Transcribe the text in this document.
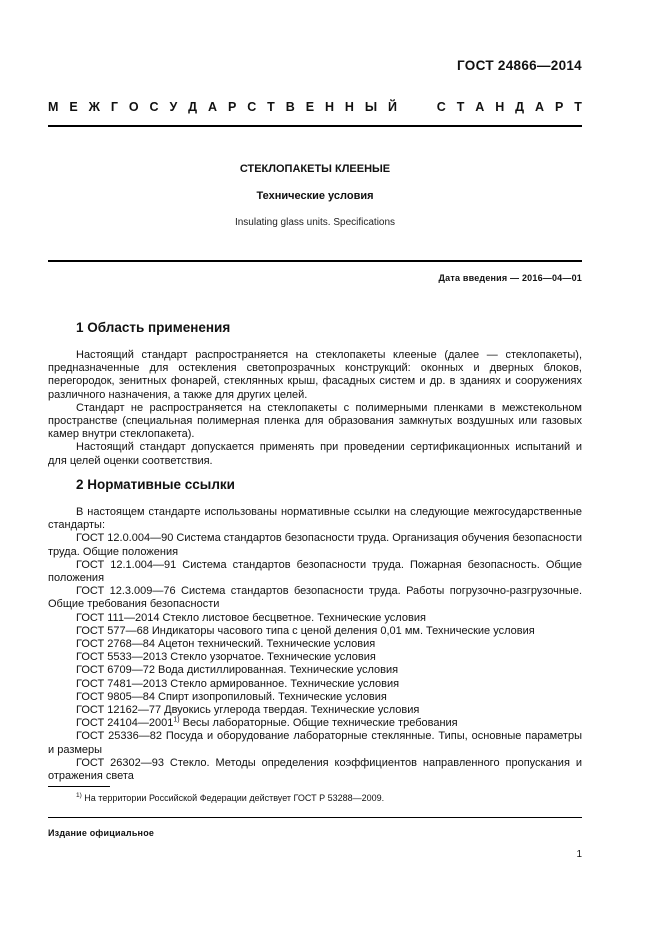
ГОСТ 24866—2014
М Е Ж Г О С У Д А Р С Т В Е Н Н Ы Й

	С Т А Н Д А Р Т
СТЕКЛОПАКЕТЫ КЛЕЕНЫЕ
Технические условия
Insulating glass units. Specifications
Дата введения — 2016—04—01
1 Область применения

Настоящий стандарт распространяется на стеклопакеты клееные (далее — стеклопакеты), предназначенные для остекления светопрозрачных конструкций: оконных и дверных блоков, перегородок, зенитных фонарей, стеклянных крыш, фасадных систем и др. в зданиях и сооружениях различного назначения, а также для других целей.

Стандарт не распространяется на стеклопакеты с полимерными пленками в межстекольном пространстве (специальная полимерная пленка для образования замкнутых воздушных или газовых камер внутри стеклопакета).

Настоящий стандарт допускается применять при проведении сертификационных испытаний и для целей оценки соответствия.

2 Нормативные ссылки

В настоящем стандарте использованы нормативные ссылки на следующие межгосударственные стандарты:

ГОСТ 12.0.004—90 Система стандартов безопасности труда. Организация обучения безопасности труда. Общие положения

ГОСТ 12.1.004—91 Система стандартов безопасности труда. Пожарная безопасность. Общие положения

ГОСТ 12.3.009—76 Система стандартов безопасности труда. Работы погрузочно-разгрузочные. Общие требования безопасности

ГОСТ 111—2014 Стекло листовое бесцветное. Технические условия

ГОСТ 577—68 Индикаторы часового типа с ценой деления 0,01 мм. Технические условия

ГОСТ 2768—84 Ацетон технический. Технические условия

ГОСТ 5533—2013 Стекло узорчатое. Технические условия

ГОСТ 6709—72 Вода дистиллированная. Технические условия

ГОСТ 7481—2013 Стекло армированное. Технические условия

ГОСТ 9805—84 Спирт изопропиловый. Технические условия

ГОСТ 12162—77 Двуокись углерода твердая. Технические условия

ГОСТ 24104—2001$^{1)}$ Весы лабораторные. Общие технические требования

ГОСТ 25336—82 Посуда и оборудование лабораторные стеклянные. Типы, основные параметры и размеры

ГОСТ 26302—93 Стекло. Методы определения коэффициентов направленного пропускания и отражения света

$^{1)}$ На территории Российской Федерации действует ГОСТ Р 53288—2009.
Издание официальное
1
